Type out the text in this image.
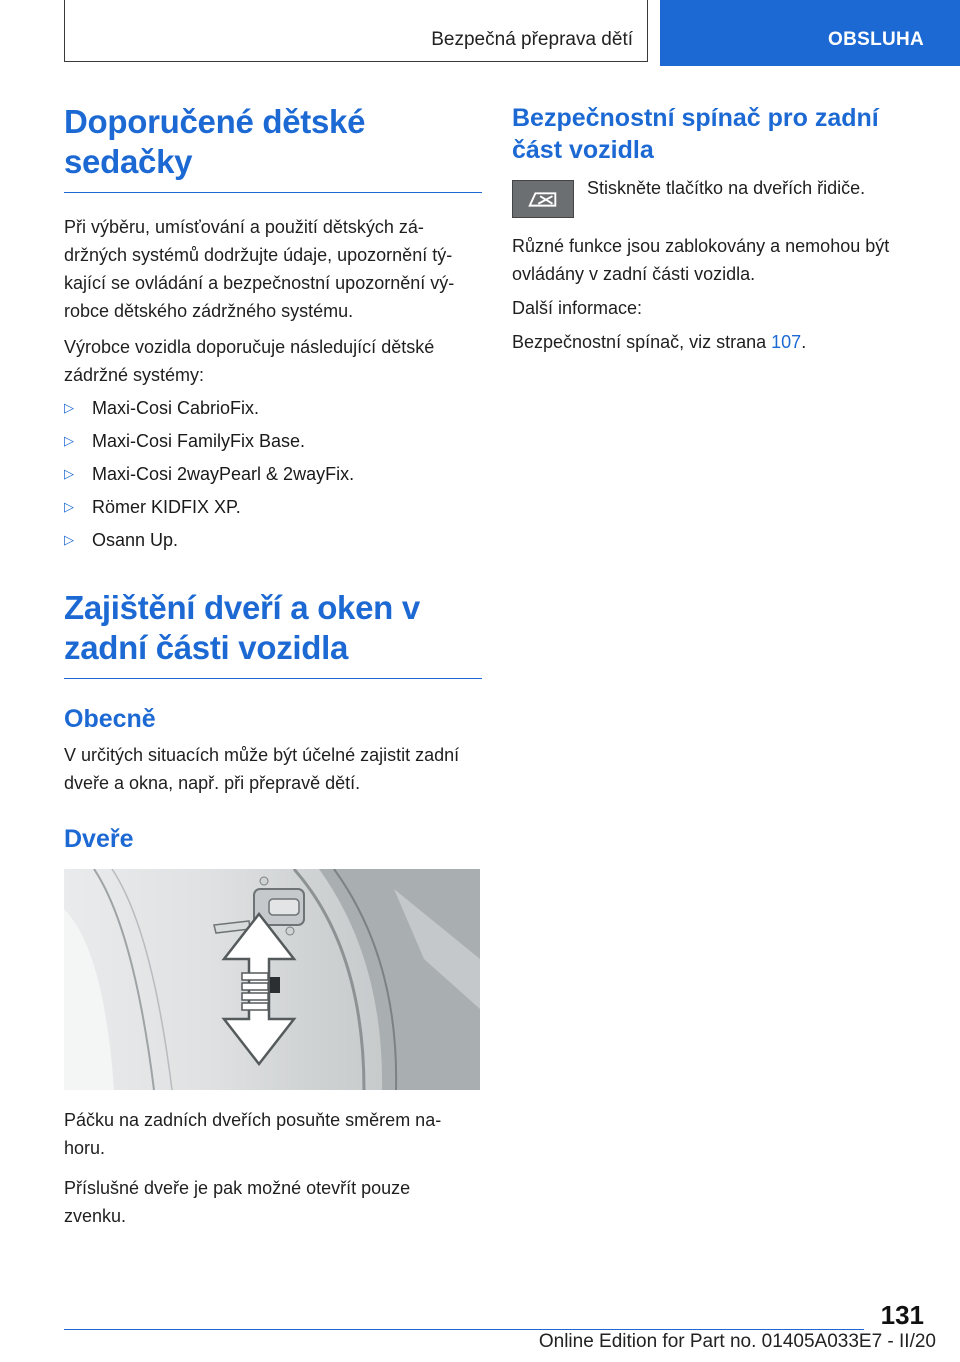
Bezpečná přeprava dětí	OBSLUHA
Doporučené dětské
sedačky

Při výběru, umísťování a použití dětských zá-
držných systémů dodržujte údaje, upozornění tý-
kající se ovládání a bezpečnostní upozornění vý-
robce dětského zádržného systému.

Výrobce vozidla doporučuje následující dětské
zádržné systémy:

▷ Maxi-Cosi CabrioFix.
▷ Maxi-Cosi FamilyFix Base.
▷ Maxi-Cosi 2wayPearl & 2wayFix.
▷ Römer KIDFIX XP.
▷ Osann Up.
Zajištění dveří a oken v
zadní části vozidla
Obecně

V určitých situacích může být účelné zajistit zadní
dveře a okna, např. při přepravě dětí.

Dveře

Páčku na zadních dveřích posuňte směrem na-
horu.

Příslušné dveře je pak možné otevřít pouze
zvenku.

Bezpečnostní spínač pro zadní
část vozidla

Stiskněte tlačítko na dveřích řidiče.

Různé funkce jsou zablokovány a nemohou být
ovládány v zadní části vozidla.

Další informace:

Bezpečnostní spínač, viz strana 107.

131
Online Edition for Part no. 01405A033E7 - II/20
